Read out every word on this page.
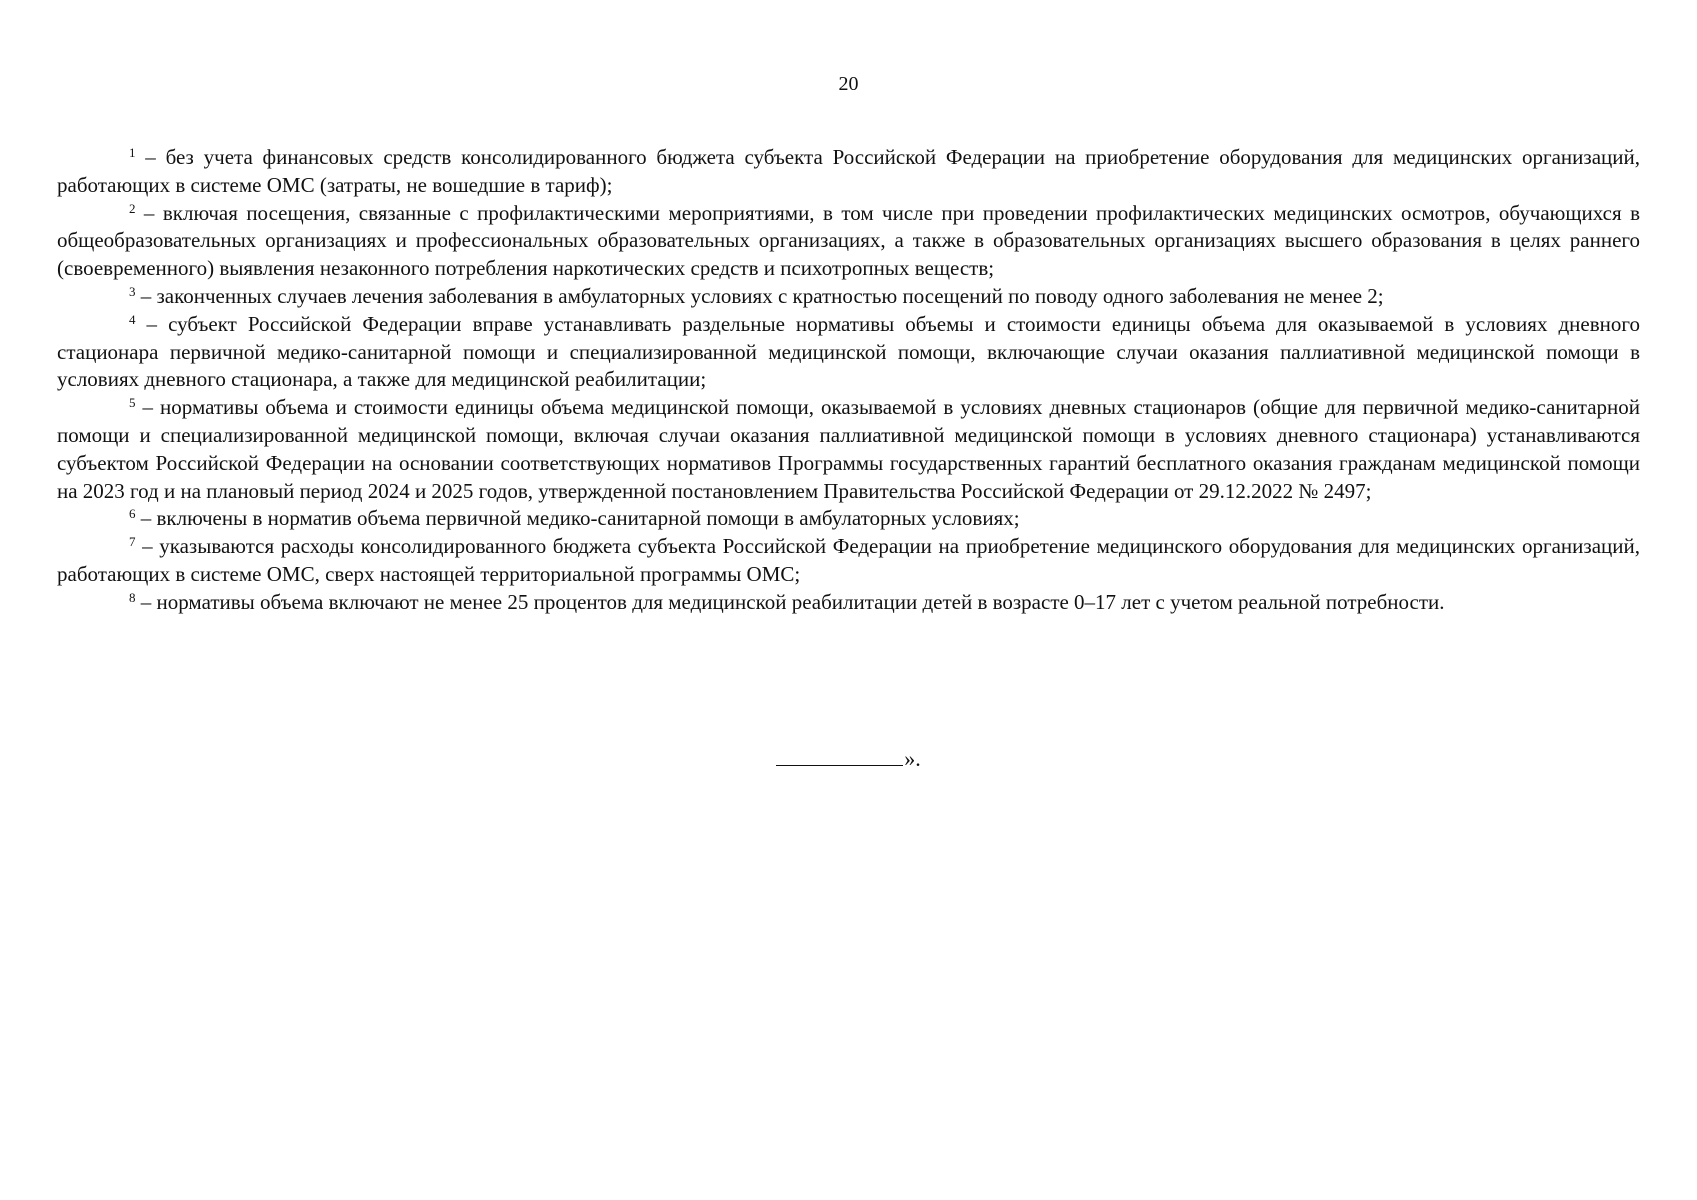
20

$^1$ – без учета финансовых средств консолидированного бюджета субъекта Российской Федерации на приобретение оборудования для медицинских организаций, работающих в системе ОМС (затраты, не вошедшие в тариф);

$^2$ – включая посещения, связанные с профилактическими мероприятиями, в том числе при проведении профилактических медицинских осмотров, обучающихся в общеобразовательных организациях и профессиональных образовательных организациях, а также в образовательных организациях высшего образования в целях раннего (своевременного) выявления незаконного потребления наркотических средств и психотропных веществ;

$^3$ – законченных случаев лечения заболевания в амбулаторных условиях с кратностью посещений по поводу одного заболевания не менее 2;

$^4$ – субъект Российской Федерации вправе устанавливать раздельные нормативы объемы и стоимости единицы объема для оказываемой в условиях дневного стационара первичной медико-санитарной помощи и специализированной медицинской помощи, включающие случаи оказания паллиативной медицинской помощи в условиях дневного стационара, а также для медицинской реабилитации;

$^5$ – нормативы объема и стоимости единицы объема медицинской помощи, оказываемой в условиях дневных стационаров (общие для первичной медико-санитарной помощи и специализированной медицинской помощи, включая случаи оказания паллиативной медицинской помощи в условиях дневного стационара) устанавливаются субъектом Российской Федерации на основании соответствующих нормативов Программы государственных гарантий бесплатного оказания гражданам медицинской помощи на 2023 год и на плановый период 2024 и 2025 годов, утвержденной постановлением Правительства Российской Федерации от 29.12.2022 № 2497;

$^6$ – включены в норматив объема первичной медико-санитарной помощи в амбулаторных условиях;

$^7$ – указываются расходы консолидированного бюджета субъекта Российской Федерации на приобретение медицинского оборудования для медицинских организаций, работающих в системе ОМС, сверх настоящей территориальной программы ОМС;

$^8$ – нормативы объема включают не менее 25 процентов для медицинской реабилитации детей в возрасте 0–17 лет с учетом реальной потребности.

».
